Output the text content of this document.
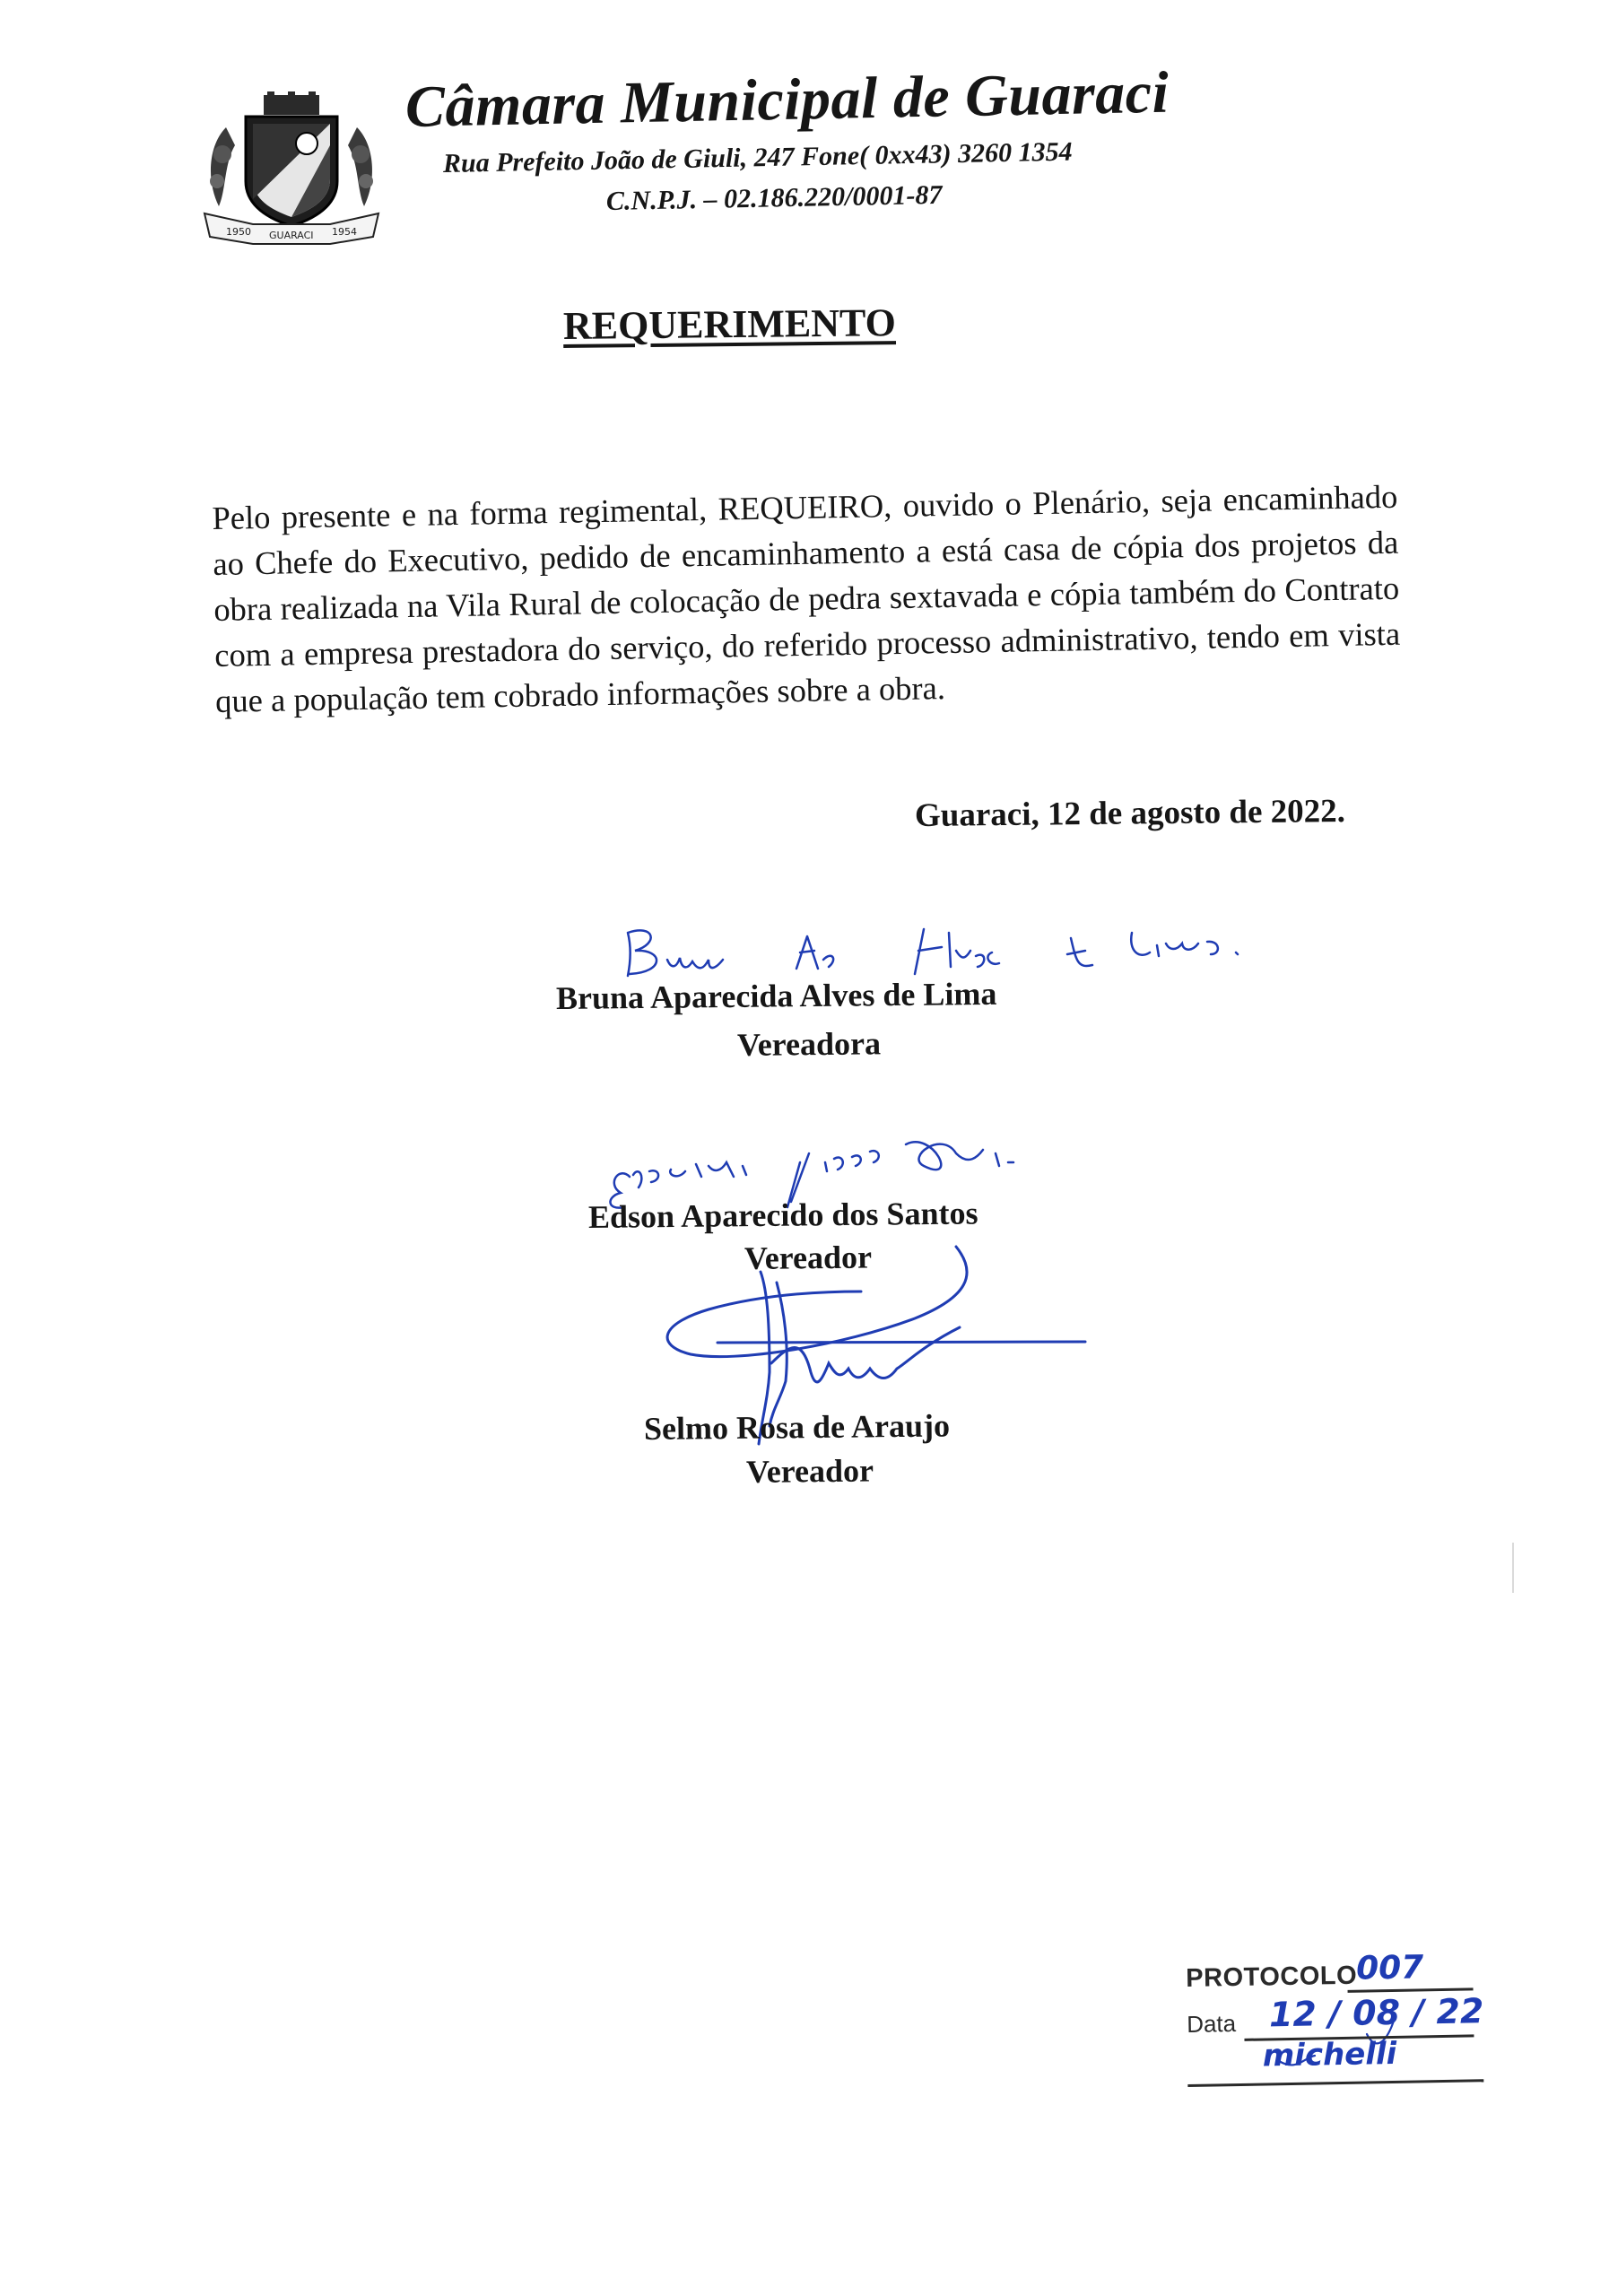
1950 GUARACI 1954
Câmara Municipal de Guaraci
Rua Prefeito João de Giuli, 247 Fone( 0xx43) 3260 1354
C.N.P.J. – 02.186.220/0001-87
REQUERIMENTO
Pelo presente e na forma regimental, REQUEIRO, ouvido o Plenário, seja encaminhado ao Chefe do Executivo, pedido de encaminhamento a está casa de cópia dos projetos da obra realizada na Vila Rural de colocação de pedra sextavada e cópia também do Contrato com a empresa prestadora do serviço, do referido processo administrativo, tendo em vista que a população tem cobrado informações sobre a obra.
Guaraci, 12 de agosto de 2022.
Bruna Aparecida Alves de Lima
Vereadora
Edson Aparecido dos Santos
Vereador
Selmo Rosa de Araujo
Vereador
PROTOCOLO
007
Data 12 / 08 / 22
michelli
